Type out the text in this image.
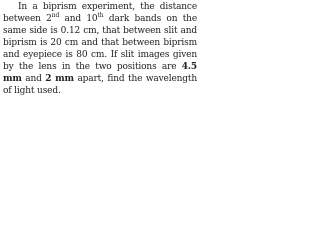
In a biprism experiment, the distance between 2nd and 10th dark bands on the same side is 0.12 cm, that between slit and biprism is 20 cm and that between biprism and eyepiece is 80 cm. If slit images given by the lens in the two positions are 4.5 mm and 2 mm apart, find the wavelength of light used.
